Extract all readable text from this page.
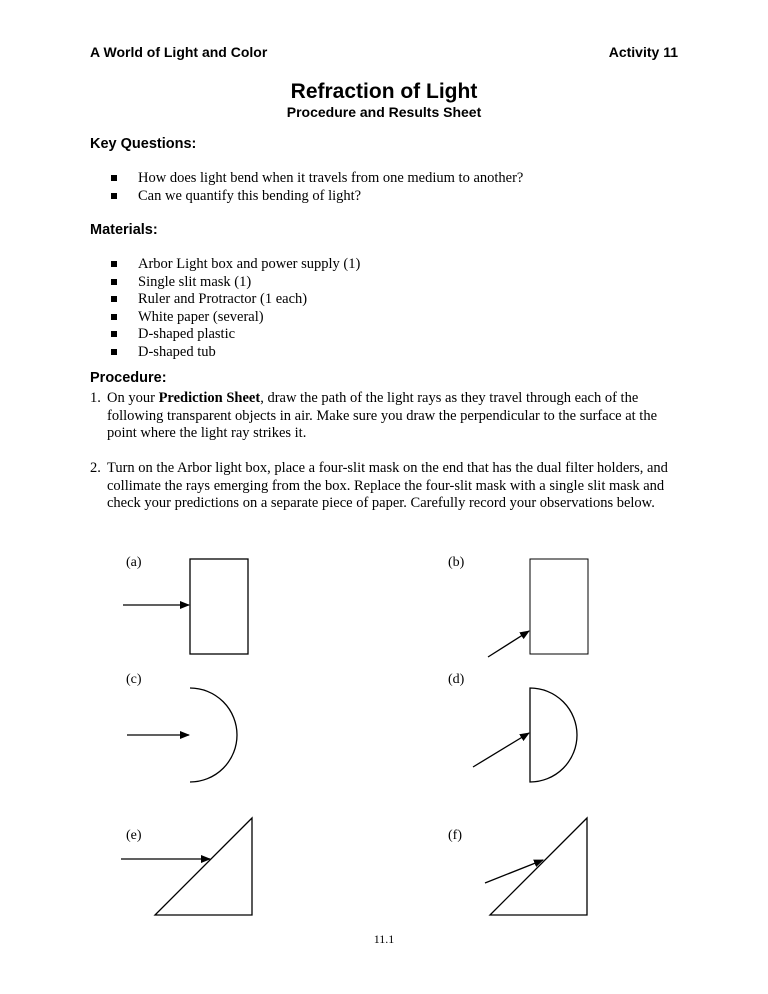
A World of Light and Color	Activity 11
Refraction of Light
Procedure and Results Sheet
Key Questions:
How does light bend when it travels from one medium to another?
Can we quantify this bending of light?
Materials:
Arbor Light box and power supply (1)
Single slit mask (1)
Ruler and Protractor (1 each)
White paper (several)
D-shaped plastic
D-shaped tub
Procedure:
1. On your Prediction Sheet, draw the path of the light rays as they travel through each of the following transparent objects in air. Make sure you draw the perpendicular to the surface at the point where the light ray strikes it.
2. Turn on the Arbor light box, place a four-slit mask on the end that has the dual filter holders, and collimate the rays emerging from the box. Replace the four-slit mask with a single slit mask and check your predictions on a separate piece of paper. Carefully record your observations below.
(a)	(b)
(c)	(d)
(e)	(f)
11.1
